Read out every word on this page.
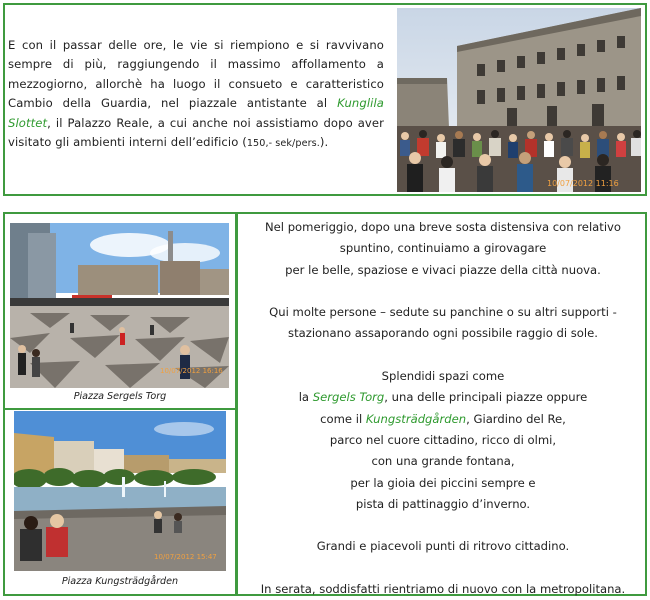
E con il passar delle ore, le vie si riempiono e si ravvivano sempre di più, raggiungendo il massimo affollamento a mezzogiorno, allorchè ha luogo il consueto e caratteristico Cambio della Guardia, nel piazzale antistante al Kunglila Slottet, il Palazzo Reale, a cui anche noi assistiamo dopo aver visitato gli ambienti interni dell’edificio (150,- sek/pers.).
10/07/2012 11:16
10/07/2012 16:16
Piazza Sergels Torg
10/07/2012 15:47
Piazza Kungsträdgården

Nel pomeriggio, dopo una breve sosta distensiva con relativo

spuntino, continuiamo a girovagare

per le belle, spaziose e vivaci piazze della città nuova.

Qui molte persone – sedute su panchine o su altri supporti -

stazionano assaporando ogni possibile raggio di sole.

Splendidi spazi come

la Sergels Torg, una delle principali piazze oppure

come il Kungsträdgården, Giardino del Re,

parco nel cuore cittadino, ricco di olmi,

con una grande fontana,

per la gioia dei piccini sempre e

pista di pattinaggio d’inverno.

Grandi e piacevoli punti di ritrovo cittadino.

In serata, soddisfatti rientriamo di nuovo con la metropolitana.
